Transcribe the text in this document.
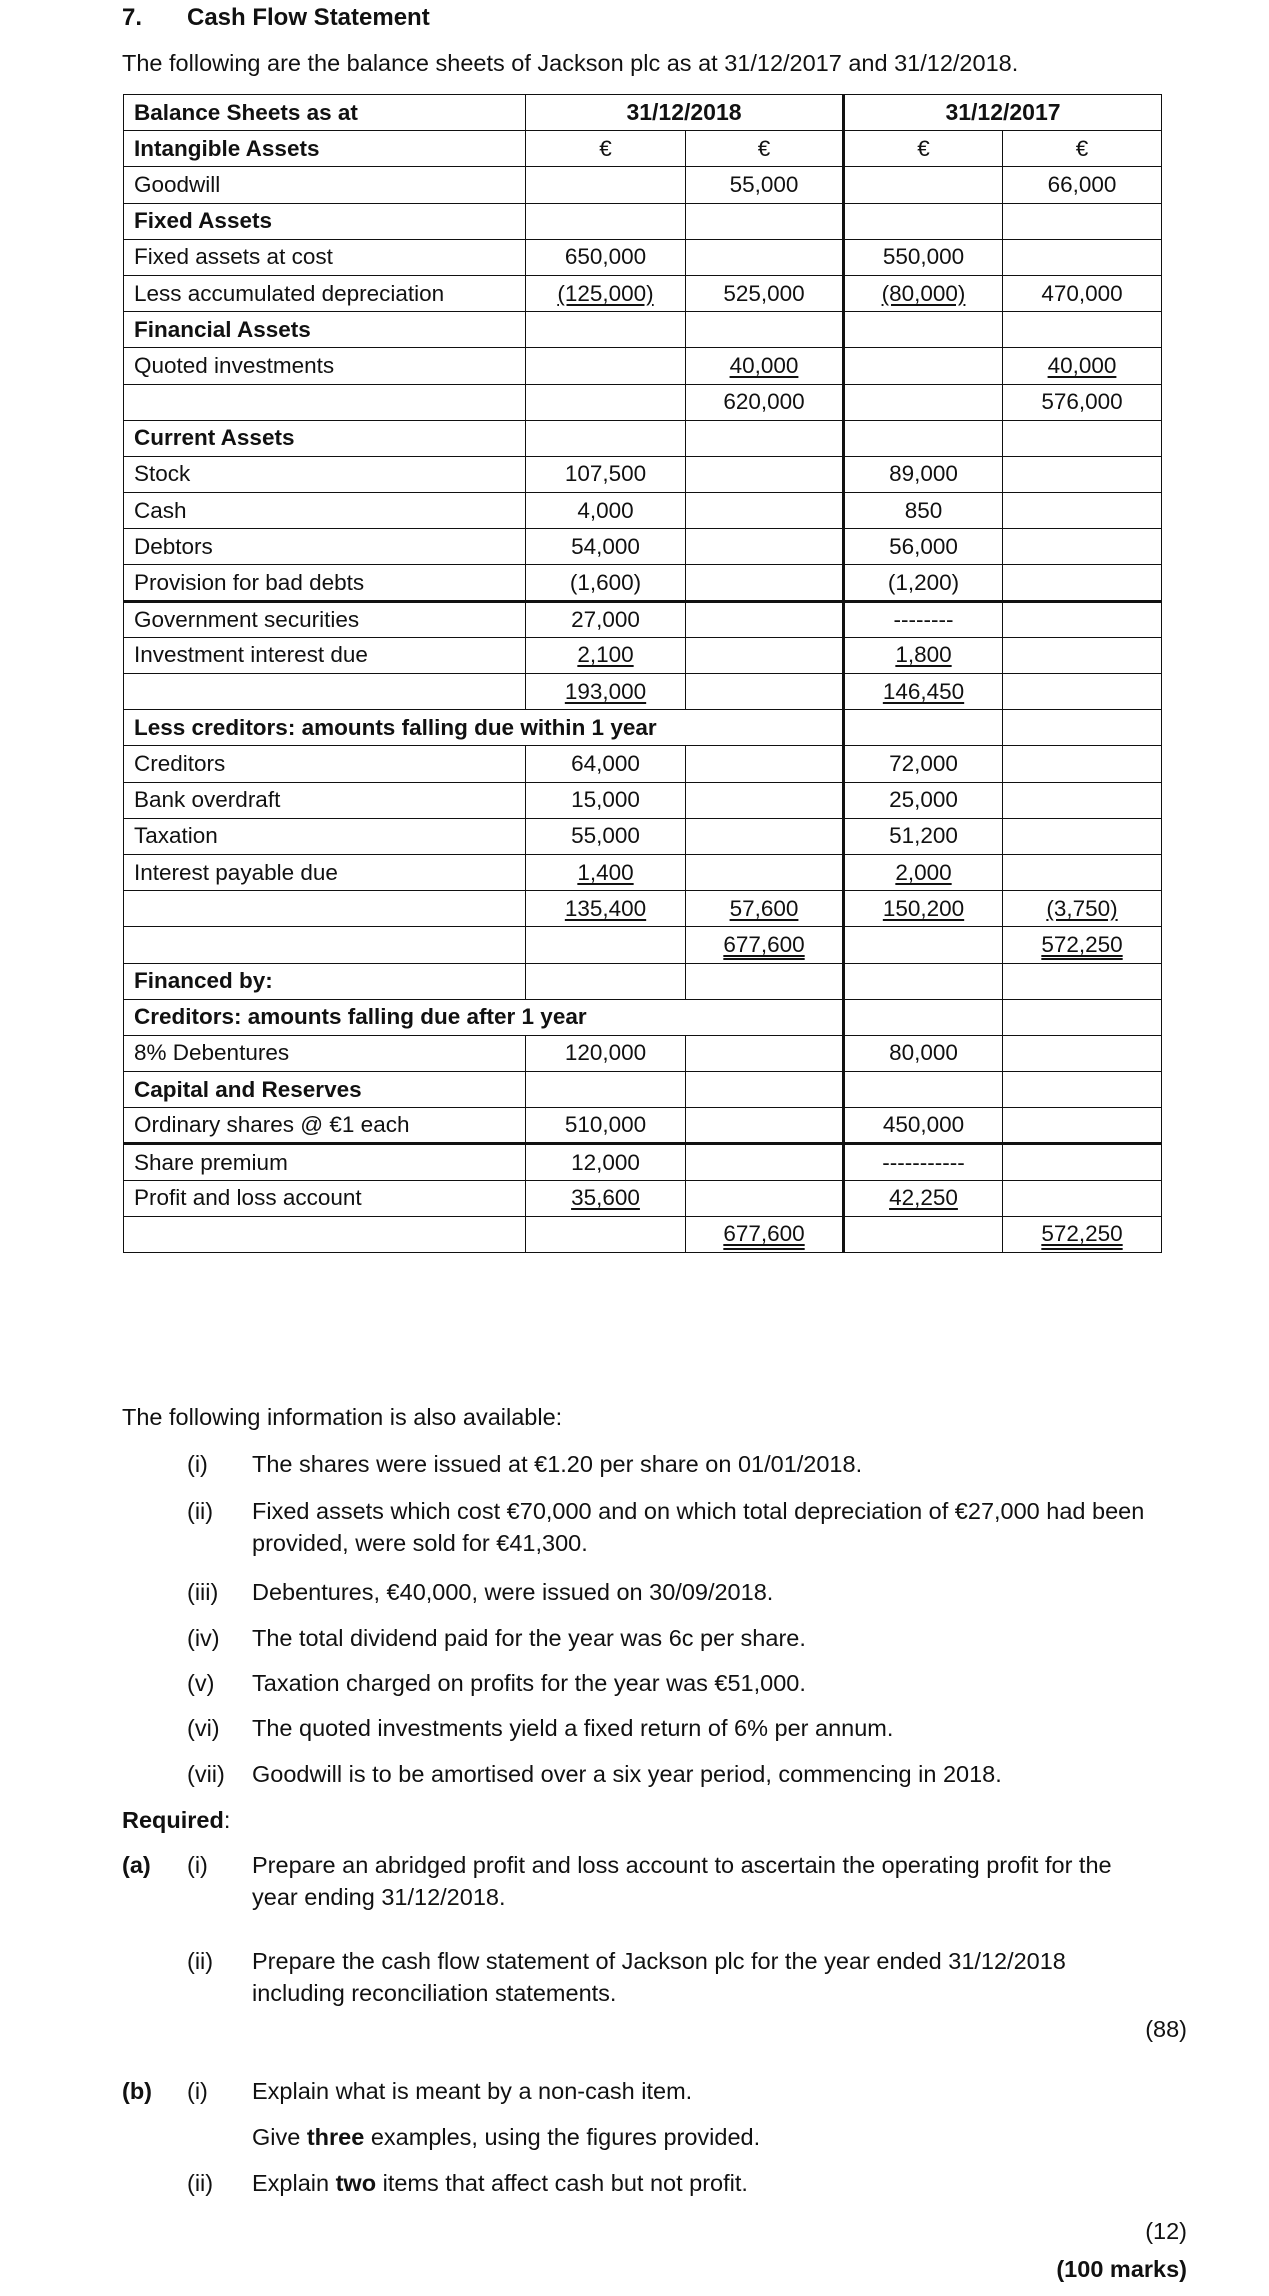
7. Cash Flow Statement
The following are the balance sheets of Jackson plc as at 31/12/2017 and 31/12/2018.
Balance Sheets as at	31/12/2018		31/12/2017	
Intangible Assets	€	€	€	€
Goodwill		55,000		66,000
Fixed Assets				
Fixed assets at cost	650,000		550,000	
Less accumulated depreciation	(125,000)	525,000	(80,000)	470,000
Financial Assets				
Quoted investments		40,000		40,000
		620,000		576,000
Current Assets				
Stock	107,500		89,000	
Cash	4,000		850	
Debtors	54,000		56,000	
Provision for bad debts	(1,600)		(1,200)	
Government securities	27,000		--------	
Investment interest due	2,100		1,800	
	193,000		146,450	
Less creditors: amounts falling due within 1 year				
Creditors	64,000		72,000	
Bank overdraft	15,000		25,000	
Taxation	55,000		51,200	
Interest payable due	1,400		2,000	
	135,400	57,600	150,200	(3,750)
		677,600		572,250
Financed by:				
Creditors: amounts falling due after 1 year				
8% Debentures	120,000		80,000	
Capital and Reserves				
Ordinary shares @ €1 each	510,000		450,000	
Share premium	12,000		-----------	
Profit and loss account	35,600		42,250	
		677,600		572,250
The following information is also available:
(i)	The shares were issued at €1.20 per share on 01/01/2018.
(ii)	Fixed assets which cost €70,000 and on which total depreciation of €27,000 had been provided, were sold for €41,300.
(iii)	Debentures, €40,000, were issued on 30/09/2018.
(iv)	The total dividend paid for the year was 6c per share.
(v)	Taxation charged on profits for the year was €51,000.
(vi)	The quoted investments yield a fixed return of 6% per annum.
(vii)	Goodwill is to be amortised over a six year period, commencing in 2018.
Required:
(a) (i)	Prepare an abridged profit and loss account to ascertain the operating profit for the year ending 31/12/2018.
(ii)	Prepare the cash flow statement of Jackson plc for the year ended 31/12/2018 including reconciliation statements.
(88)
(b) (i)	Explain what is meant by a non-cash item.
Give three examples, using the figures provided.
(ii)	Explain two items that affect cash but not profit.
(12)
(100 marks)
